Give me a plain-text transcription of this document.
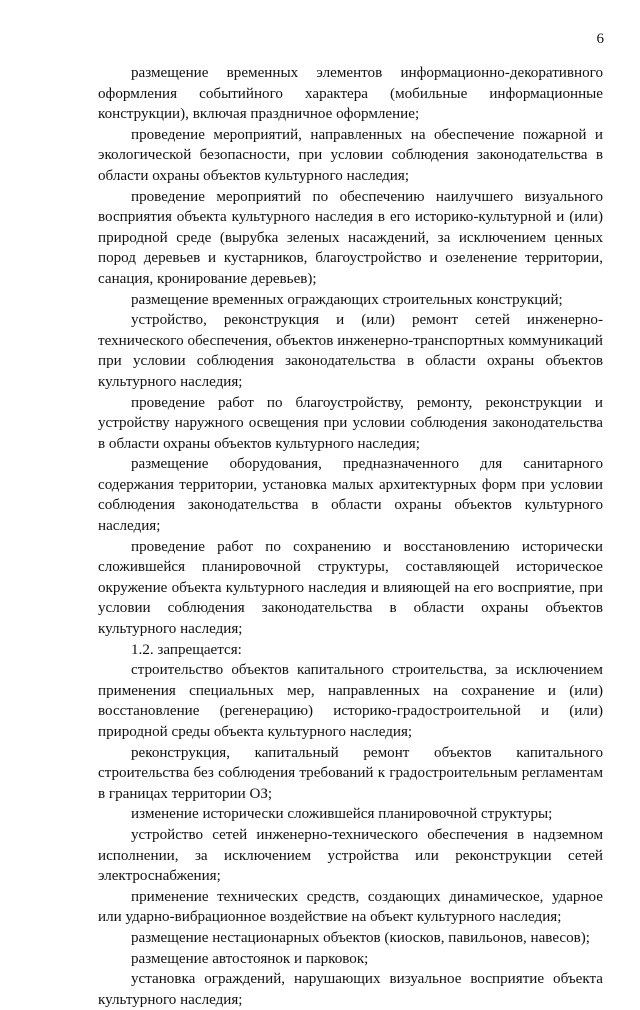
6

размещение временных элементов информационно-декоративного оформления событийного характера (мобильные информационные конструкции), включая праздничное оформление;

проведение мероприятий, направленных на обеспечение пожарной и экологической безопасности, при условии соблюдения законодательства в области охраны объектов культурного наследия;

проведение мероприятий по обеспечению наилучшего визуального восприятия объекта культурного наследия в его историко-культурной и (или) природной среде (вырубка зеленых насаждений, за исключением ценных пород деревьев и кустарников, благоустройство и озеленение территории, санация, кронирование деревьев);

размещение временных ограждающих строительных конструкций;

устройство, реконструкция и (или) ремонт сетей инженерно-технического обеспечения, объектов инженерно-транспортных коммуникаций при условии соблюдения законодательства в области охраны объектов культурного наследия;

проведение работ по благоустройству, ремонту, реконструкции и устройству наружного освещения при условии соблюдения законодательства в области охраны объектов культурного наследия;

размещение оборудования, предназначенного для санитарного содержания территории, установка малых архитектурных форм при условии соблюдения законодательства в области охраны объектов культурного наследия;

проведение работ по сохранению и восстановлению исторически сложившейся планировочной структуры, составляющей историческое окружение объекта культурного наследия и влияющей на его восприятие, при условии соблюдения законодательства в области охраны объектов культурного наследия;

1.2. запрещается:

строительство объектов капитального строительства, за исключением применения специальных мер, направленных на сохранение и (или) восстановление (регенерацию) историко-градостроительной и (или) природной среды объекта культурного наследия;

реконструкция, капитальный ремонт объектов капитального строительства без соблюдения требований к градостроительным регламентам в границах территории ОЗ;

изменение исторически сложившейся планировочной структуры;

устройство сетей инженерно-технического обеспечения в надземном исполнении, за исключением устройства или реконструкции сетей электроснабжения;

применение технических средств, создающих динамическое, ударное или ударно-вибрационное воздействие на объект культурного наследия;

размещение нестационарных объектов (киосков, павильонов, навесов);

размещение автостоянок и парковок;

установка ограждений, нарушающих визуальное восприятие объекта культурного наследия;
